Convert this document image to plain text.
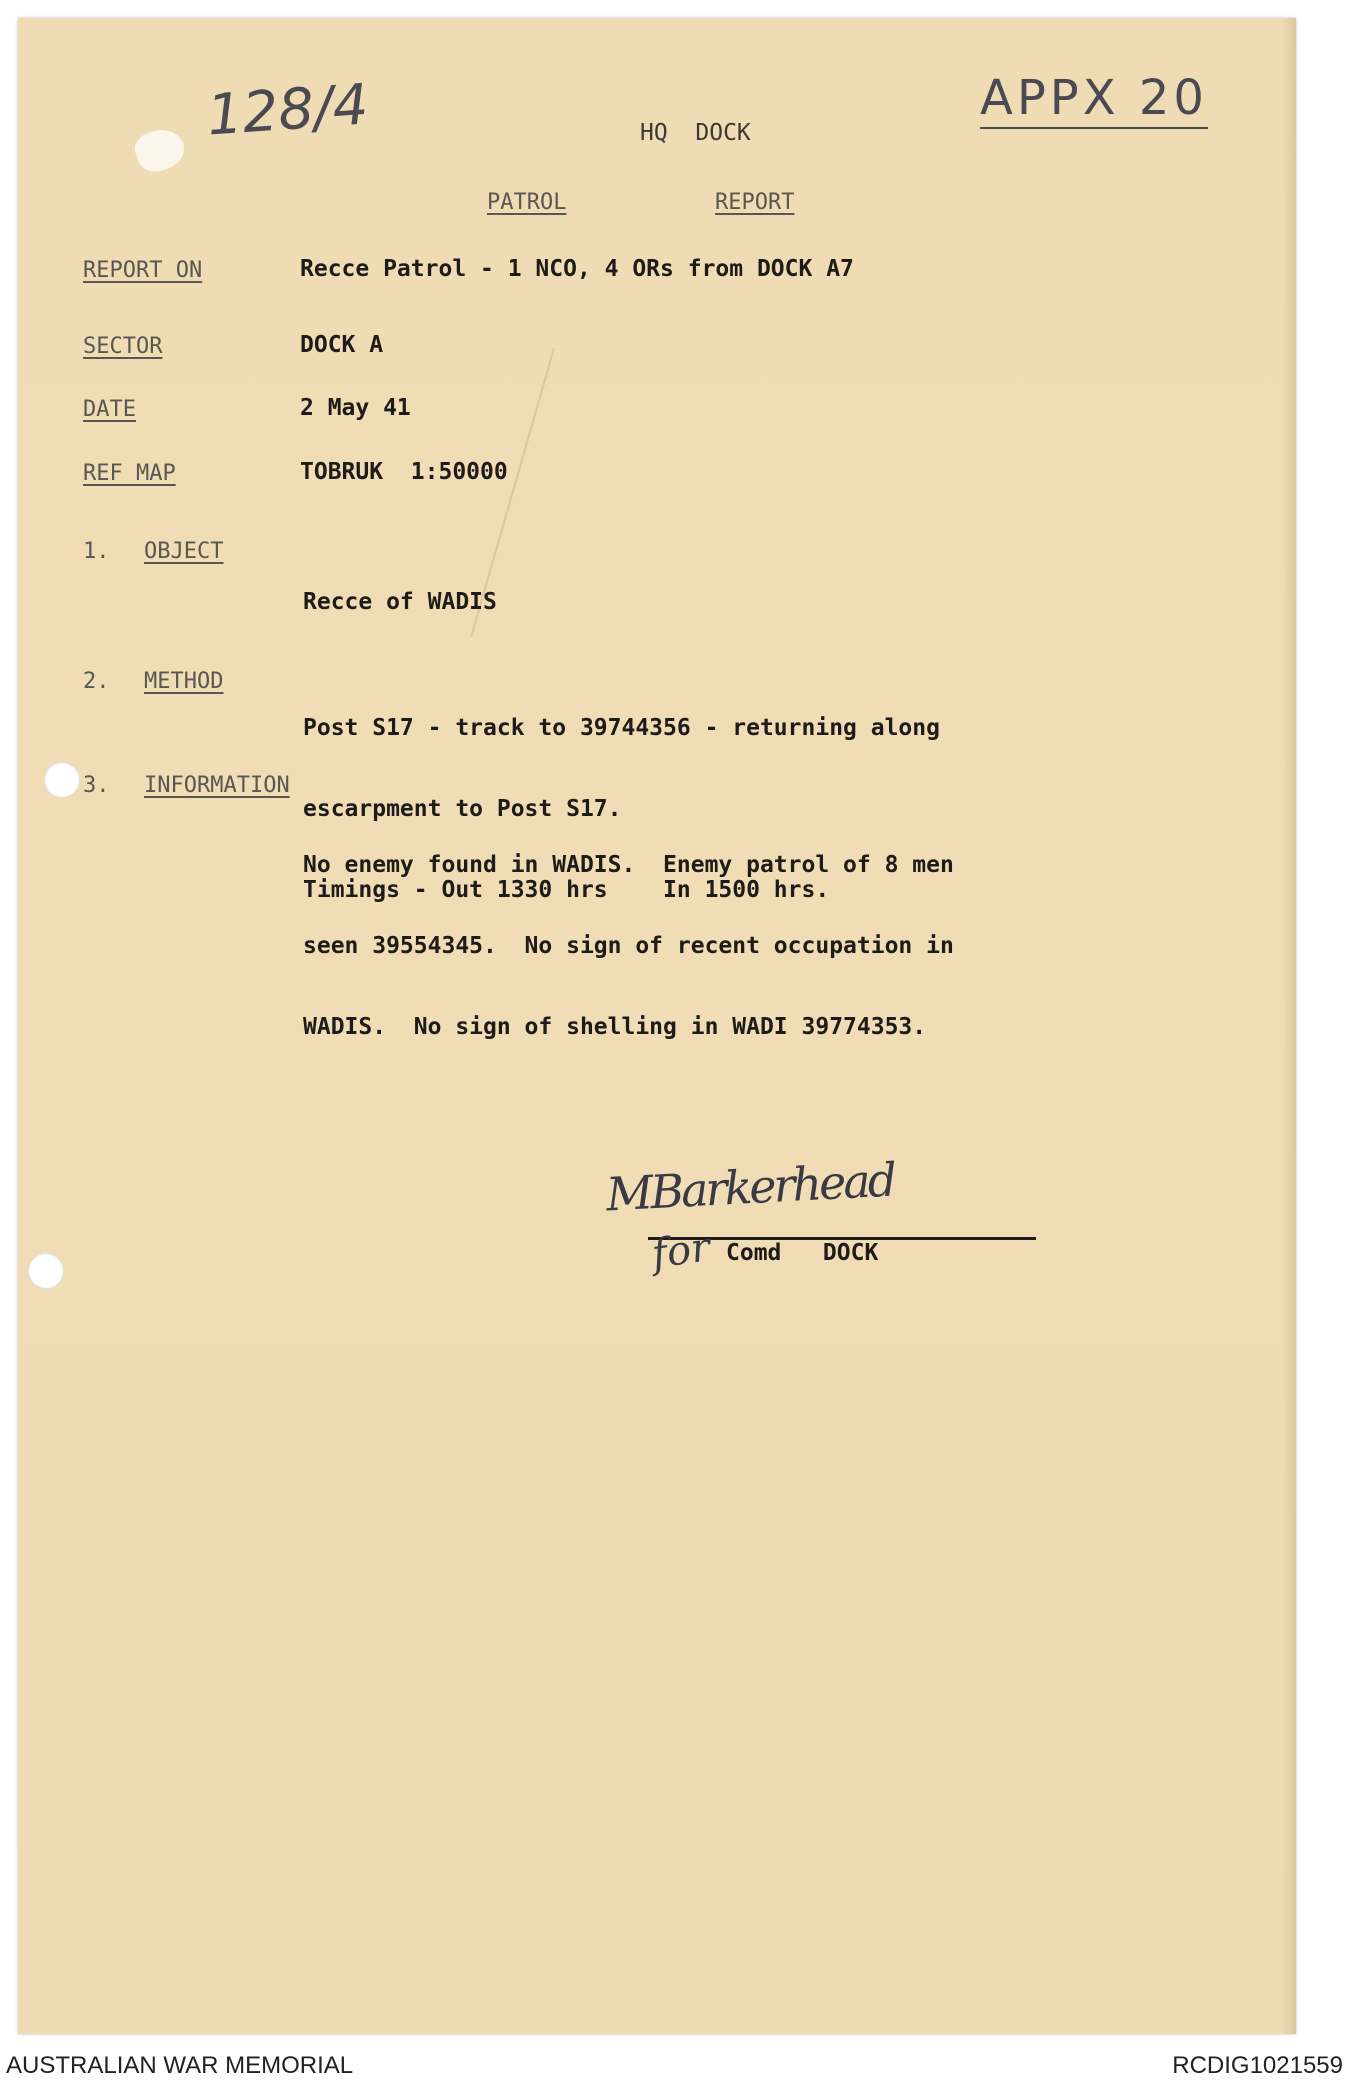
128/4	APPX 20
HQ  DOCK
PATROL	REPORT
REPORT ON	Recce Patrol - 1 NCO, 4 ORs from DOCK A7
SECTOR	DOCK A
DATE	2 May 41
REF MAP	TOBRUK  1:50000
1. OBJECT

Recce of WADIS

2. METHOD

Post S17 - track to 39744356 - returning along

escarpment to Post S17.

Timings - Out 1330 hrs    In 1500 hrs.

3. INFORMATION

No enemy found in WADIS.  Enemy patrol of 8 men

seen 39554345.  No sign of recent occupation in

WADIS.  No sign of shelling in WADI 39774353.

MBarkerhead
for Comd   DOCK
AUSTRALIAN WAR MEMORIAL	RCDIG1021559
